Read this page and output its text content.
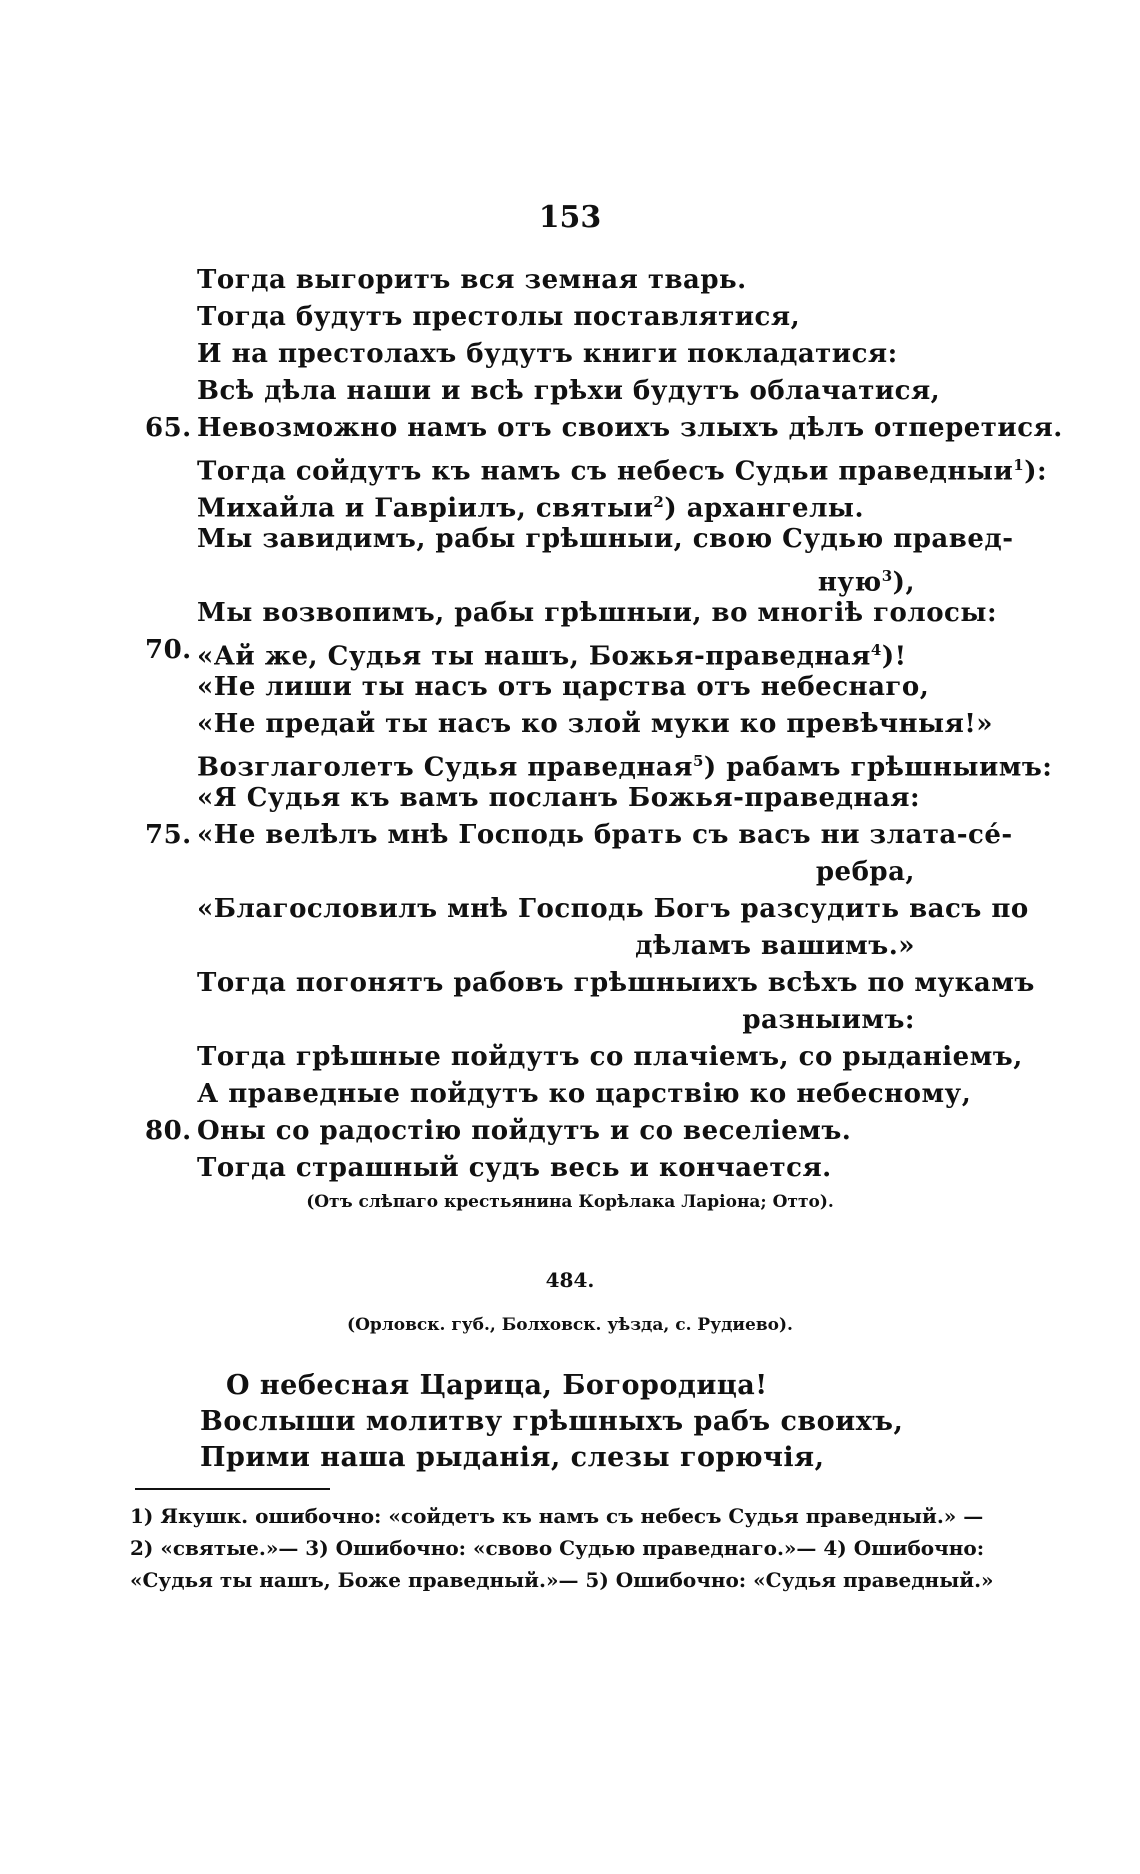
153
Тогда выгоритъ вся земная тварь.
Тогда будутъ престолы поставлятися,
И на престолахъ будутъ книги покладатися:
Всѣ дѣла наши и всѣ грѣхи будутъ облачатися,
65. Невозможно намъ отъ своихъ злыхъ дѣлъ отперетися.
Тогда сойдутъ къ намъ съ небесъ Судьи праведныи$^1$):
Михайла и Гаврiилъ, святыи$^2$) архангелы.
Мы завидимъ, рабы грѣшныи, свою Судью правед-
ную$^3$),
Мы возвопимъ, рабы грѣшныи, во многiѣ голосы:
70. «Ай же, Судья ты нашъ, Божья-праведная$^4$)!
«Не лиши ты насъ отъ царства отъ небеснаго,
«Не предай ты насъ ко злой муки ко превѣчныя!»
Возглаголетъ Судья праведная$^5$) рабамъ грѣшныимъ:
«Я Судья къ вамъ посланъ Божья-праведная:
75. «Не велѣлъ мнѣ Господь брать съ васъ ни злата-се́-
ребра,
«Благословилъ мнѣ Господь Богъ разсудить васъ по
дѣламъ вашимъ.»
Тогда погонятъ рабовъ грѣшныихъ всѣхъ по мукамъ
разныимъ:
Тогда грѣшные пойдутъ со плачiемъ, со рыданiемъ,
А праведные пойдутъ ко царствiю ко небесному,
80. Оны со радостiю пойдутъ и со веселiемъ.
Тогда страшный судъ весь и кончается.
(Отъ слѣпаго крестьянина Корѣлака Ларiона; Отто).
484.
(Орловск. губ., Болховск. уѣзда, с. Рудиево).
О небесная Царица, Богородица!
Воcлыши молитву грѣшныхъ рабъ своихъ,
Прими наша рыданiя, слезы горючiя,
1) Якушк. ошибочно: «сойдетъ къ намъ съ небесъ Судья праведный.» —
2) «святые.»— 3) Ошибочно: «свово Судью праведнаго.»— 4) Ошибочно:
«Судья ты нашъ, Боже праведный.»— 5) Ошибочно: «Судья праведный.»
